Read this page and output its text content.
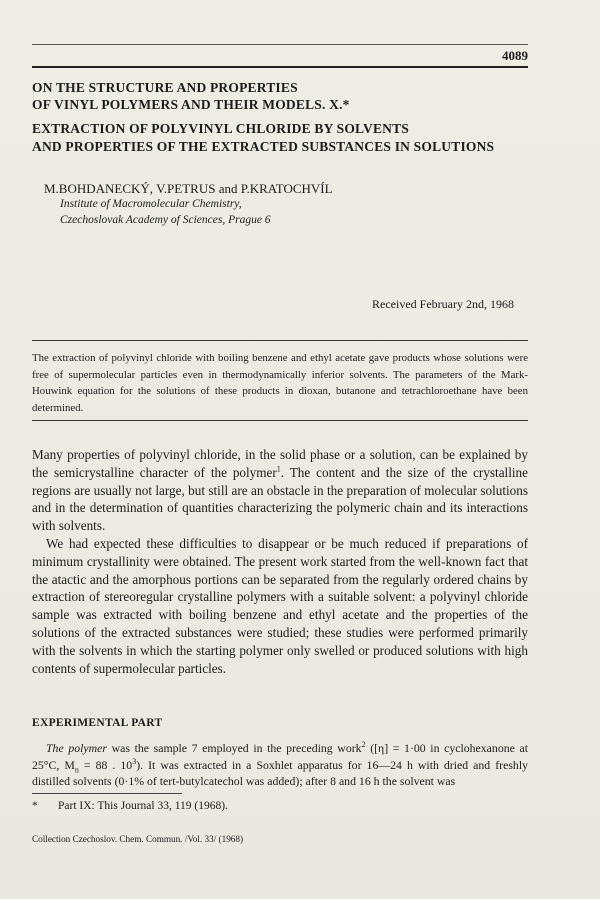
4089
ON THE STRUCTURE AND PROPERTIES
OF VINYL POLYMERS AND THEIR MODELS. X.*
EXTRACTION OF POLYVINYL CHLORIDE BY SOLVENTS
AND PROPERTIES OF THE EXTRACTED SUBSTANCES IN SOLUTIONS
M.BOHDANECKÝ, V.PETRUS and P.KRATOCHVÍL
Institute of Macromolecular Chemistry,
Czechoslovak Academy of Sciences, Prague 6
Received February 2nd, 1968
The extraction of polyvinyl chloride with boiling benzene and ethyl acetate gave products whose solutions were free of supermolecular particles even in thermodynamically inferior solvents. The parameters of the Mark-Houwink equation for the solutions of these products in dioxan, butanone and tetrachloroethane have been determined.

Many properties of polyvinyl chloride, in the solid phase or a solution, can be explained by the semicrystalline character of the polymer$^1$. The content and the size of the crystalline regions are usually not large, but still are an obstacle in the preparation of molecular solutions and in the determination of quantities characterizing the polymeric chain and its interactions with solvents.

We had expected these difficulties to disappear or be much reduced if preparations of minimum crystallinity were obtained. The present work started from the well-known fact that the atactic and the amorphous portions can be separated from the regularly ordered chains by extraction of stereoregular crystalline polymers with a suitable solvent: a polyvinyl chloride sample was extracted with boiling benzene and ethyl acetate and the properties of the solutions of the extracted substances were studied; these studies were performed primarily with the solvents in which the starting polymer only swelled or produced solutions with high contents of supermolecular particles.

EXPERIMENTAL PART
The polymer was the sample 7 employed in the preceding work$^2$ ([η] = 1·00 in cyclohexanone at 25°C, $M_n = 88$ . $10^3$). It was extracted in a Soxhlet apparatus for 16—24 h with dried and freshly distilled solvents (0·1% of tert-butylcatechol was added); after 8 and 16 h the solvent was
* Part IX: This Journal 33, 119 (1968).
Collection Czechoslov. Chem. Commun. /Vol. 33/ (1968)
